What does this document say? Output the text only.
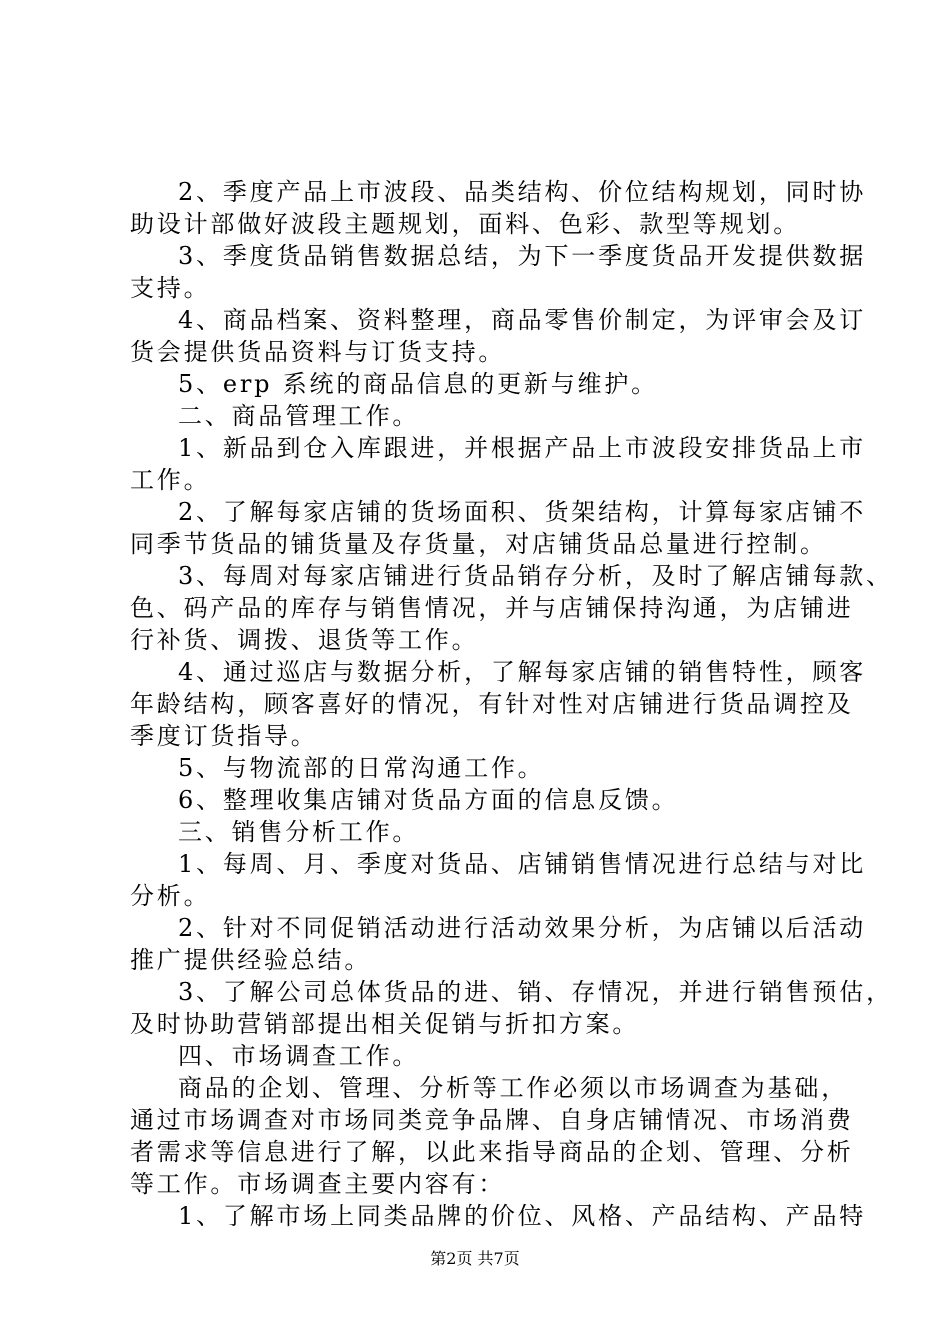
2、季度产品上市波段、品类结构、价位结构规划，同时协
助设计部做好波段主题规划，面料、色彩、款型等规划。
3、季度货品销售数据总结，为下一季度货品开发提供数据
支持。
4、商品档案、资料整理，商品零售价制定，为评审会及订
货会提供货品资料与订货支持。
5、erp 系统的商品信息的更新与维护。
二、商品管理工作。
1、新品到仓入库跟进，并根据产品上市波段安排货品上市
工作。
2、了解每家店铺的货场面积、货架结构，计算每家店铺不
同季节货品的铺货量及存货量，对店铺货品总量进行控制。
3、每周对每家店铺进行货品销存分析，及时了解店铺每款、
色、码产品的库存与销售情况，并与店铺保持沟通，为店铺进
行补货、调拨、退货等工作。
4、通过巡店与数据分析，了解每家店铺的销售特性，顾客
年龄结构，顾客喜好的情况，有针对性对店铺进行货品调控及
季度订货指导。
5、与物流部的日常沟通工作。
6、整理收集店铺对货品方面的信息反馈。
三、销售分析工作。
1、每周、月、季度对货品、店铺销售情况进行总结与对比
分析。
2、针对不同促销活动进行活动效果分析，为店铺以后活动
推广提供经验总结。
3、了解公司总体货品的进、销、存情况，并进行销售预估，
及时协助营销部提出相关促销与折扣方案。
四、市场调查工作。
商品的企划、管理、分析等工作必须以市场调查为基础，
通过市场调查对市场同类竞争品牌、自身店铺情况、市场消费
者需求等信息进行了解，以此来指导商品的企划、管理、分析
等工作。市场调查主要内容有：
1、了解市场上同类品牌的价位、风格、产品结构、产品特
第2页 共7页
